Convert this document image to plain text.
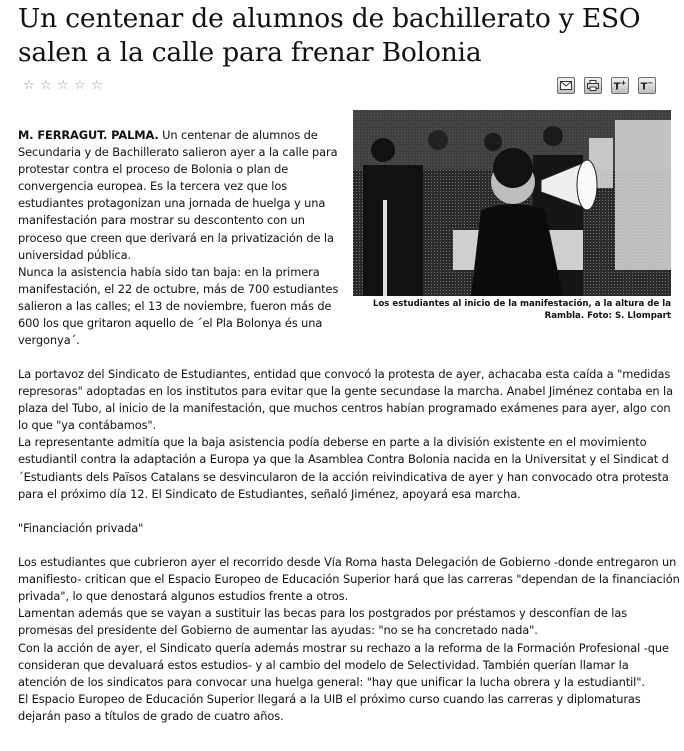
Un centenar de alumnos de bachillerato y ESO salen a la calle para frenar Bolonia
☆ ☆ ☆ ☆ ☆	T+ T−
Los estudiantes al inicio de la manifestación, a la altura de la Rambla. Foto: S. Llompart

M. FERRAGUT. PALMA. Un centenar de alumnos de Secundaria y de Bachillerato salieron ayer a la calle para protestar contra el proceso de Bolonia o plan de convergencia europea. Es la tercera vez que los estudiantes protagonizan una jornada de huelga y una manifestación para mostrar su descontento con un proceso que creen que derivará en la privatización de la universidad pública.

Nunca la asistencia había sido tan baja: en la primera manifestación, el 22 de octubre, más de 700 estudiantes salieron a las calles; el 13 de noviembre, fueron más de 600 los que gritaron aquello de ´el Pla Bolonya és una vergonya´.

La portavoz del Sindicato de Estudiantes, entidad que convocó la protesta de ayer, achacaba esta caída a "medidas represoras" adoptadas en los institutos para evitar que la gente secundase la marcha. Anabel Jiménez contaba en la plaza del Tubo, al inicio de la manifestación, que muchos centros habían programado exámenes para ayer, algo con lo que "ya contábamos".

La representante admitía que la baja asistencia podía deberse en parte a la división existente en el movimiento estudiantil contra la adaptación a Europa ya que la Asamblea Contra Bolonia nacida en la Universitat y el Sindicat d´Estudiants dels Països Catalans se desvincularon de la acción reivindicativa de ayer y han convocado otra protesta para el próximo día 12. El Sindicato de Estudiantes, señaló Jiménez, apoyará esa marcha.

"Financiación privada"

Los estudiantes que cubrieron ayer el recorrido desde Vía Roma hasta Delegación de Gobierno -donde entregaron un manifiesto- critican que el Espacio Europeo de Educación Superior hará que las carreras "dependan de la financiación privada", lo que denostará algunos estudios frente a otros.

Lamentan además que se vayan a sustituir las becas para los postgrados por préstamos y desconfían de las promesas del presidente del Gobierno de aumentar las ayudas: "no se ha concretado nada".

Con la acción de ayer, el Sindicato quería además mostrar su rechazo a la reforma de la Formación Profesional -que consideran que devaluará estos estudios- y al cambio del modelo de Selectividad. También querían llamar la atención de los sindicatos para convocar una huelga general: "hay que unificar la lucha obrera y la estudiantil".

El Espacio Europeo de Educación Superior llegará a la UIB el próximo curso cuando las carreras y diplomaturas dejarán paso a títulos de grado de cuatro años.
